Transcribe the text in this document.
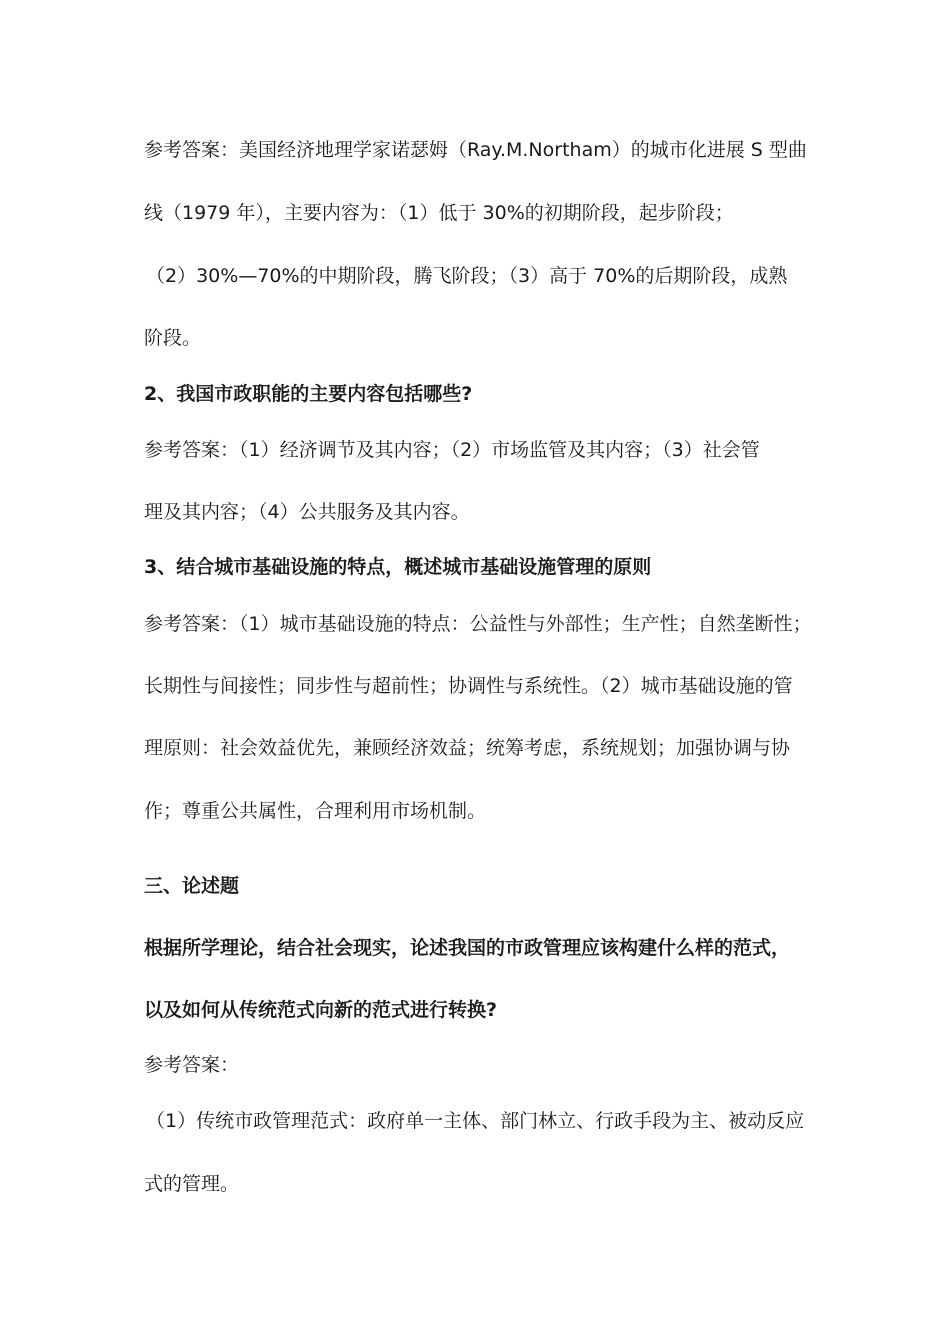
参考答案：美国经济地理学家诺瑟姆（Ray.M.Northam）的城市化进展 S 型曲
线（1979 年），主要内容为：（1）低于 30%的初期阶段，起步阶段；
（2）30%—70%的中期阶段，腾飞阶段；（3）高于 70%的后期阶段，成熟
阶段。
2、我国市政职能的主要内容包括哪些?
参考答案：（1）经济调节及其内容；（2）市场监管及其内容；（3）社会管
理及其内容；（4）公共服务及其内容。
3、结合城市基础设施的特点，概述城市基础设施管理的原则
参考答案：（1）城市基础设施的特点：公益性与外部性；生产性；自然垄断性；
长期性与间接性；同步性与超前性；协调性与系统性。（2）城市基础设施的管
理原则：社会效益优先，兼顾经济效益；统筹考虑，系统规划；加强协调与协
作；尊重公共属性，合理利用市场机制。
三、论述题
根据所学理论，结合社会现实，论述我国的市政管理应该构建什么样的范式，
以及如何从传统范式向新的范式进行转换?
参考答案：
（1）传统市政管理范式：政府单一主体、部门林立、行政手段为主、被动反应
式的管理。
